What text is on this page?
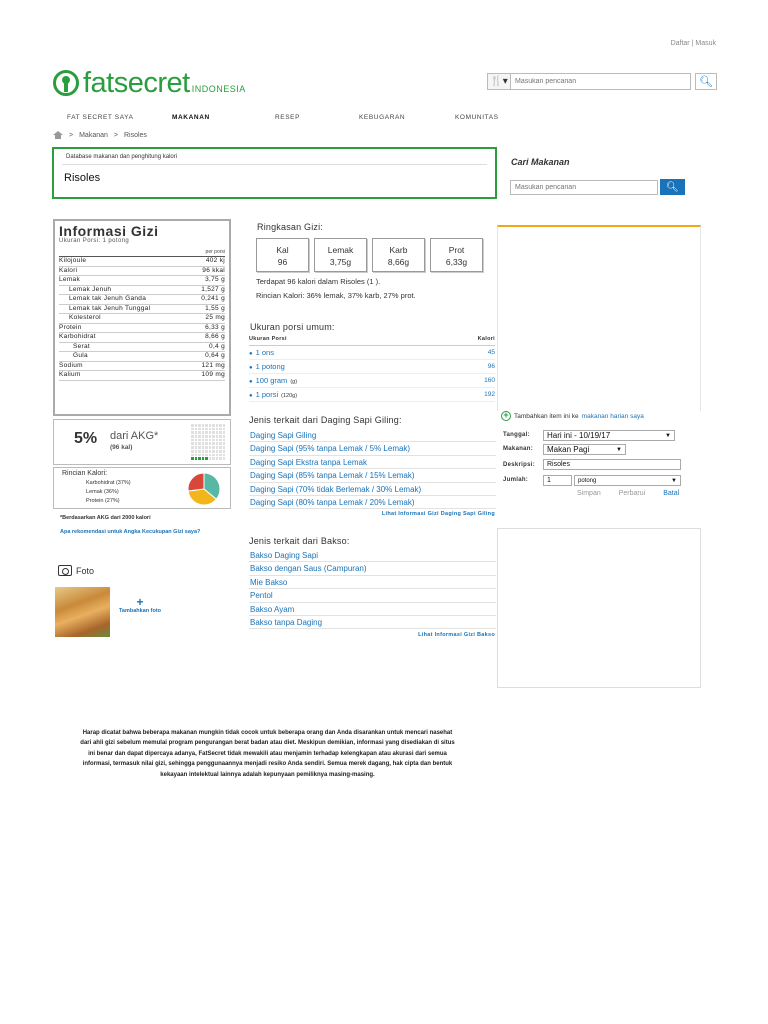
Daftar | Masuk
fatsecret INDONESIA
🍴▾
Masukan pencarian	🔍︎
FAT SECRET SAYA	MAKANAN	RESEP	KEBUGARAN	KOMUNITAS
> Makanan > Risoles
Database makanan dan penghitung kalori
Risoles
Cari Makanan
Masukan pencarian
🔍︎
Informasi Gizi
Ukuran Porsi: 1 potong
per porsi
Kilojoule	402 kj
Kalori	96 kkal
Lemak	3,75 g
Lemak Jenuh	1,527 g
Lemak tak Jenuh Ganda	0,241 g
Lemak tak Jenuh Tunggal	1,55 g
Kolesterol	25 mg
Protein	6,33 g
Karbohidrat	8,66 g
Serat	0,4 g
Gula	0,64 g
Sodium	121 mg
Kalium	109 mg
5% dari AKG*
(96 kal)
Rincian Kalori:
Karbohidrat (37%)
Lemak (36%)
Protein (27%)
*Berdasarkan AKG dari 2000 kalori
Apa rekomendasi untuk Angka Kecukupan Gizi saya?
Foto
+
Tambahkan foto
Ringkasan Gizi:
Kal
96
Lemak
3,75g
Karb
8,66g
Prot
6,33g
Terdapat 96 kalori dalam Risoles (1 ).
Rincian Kalori: 36% lemak, 37% karb, 27% prot.
Ukuran porsi umum:
Ukuran Porsi	Kalori
● 1 ons	45
● 1 potong	96
● 100 gram (g)	160
● 1 porsi (120g)	192
Jenis terkait dari Daging Sapi Giling:
Daging Sapi Giling
Daging Sapi (95% tanpa Lemak / 5% Lemak)
Daging Sapi Ekstra tanpa Lemak
Daging Sapi (85% tanpa Lemak / 15% Lemak)
Daging Sapi (70% tidak Berlemak / 30% Lemak)
Daging Sapi (80% tanpa Lemak / 20% Lemak)
Lihat Informasi Gizi Daging Sapi Giling
Jenis terkait dari Bakso:
Bakso Daging Sapi
Bakso dengan Saus (Campuran)
Mie Bakso
Pentol
Bakso Ayam
Bakso tanpa Daging
Lihat Informasi Gizi Bakso
+ Tambahkan item ini ke makanan harian saya
Tanggal:	Hari ini - 10/19/17	▼
Makanan:	Makan Pagi	▼
Deskripsi:	Risoles
Jumlah:	1	potong	▼
Simpan	Perbarui	Batal
Harap dicatat bahwa beberapa makanan mungkin tidak cocok untuk beberapa orang dan Anda disarankan untuk mencari nasehat dari ahli gizi sebelum memulai program pengurangan berat badan atau diet. Meskipun demikian, informasi yang disediakan di situs ini benar dan dapat dipercaya adanya, FatSecret tidak mewakili atau menjamin terhadap kelengkapan atau akurasi dari semua informasi, termasuk nilai gizi, sehingga penggunaannya menjadi resiko Anda sendiri. Semua merek dagang, hak cipta dan bentuk kekayaan intelektual lainnya adalah kepunyaan pemiliknya masing-masing.
